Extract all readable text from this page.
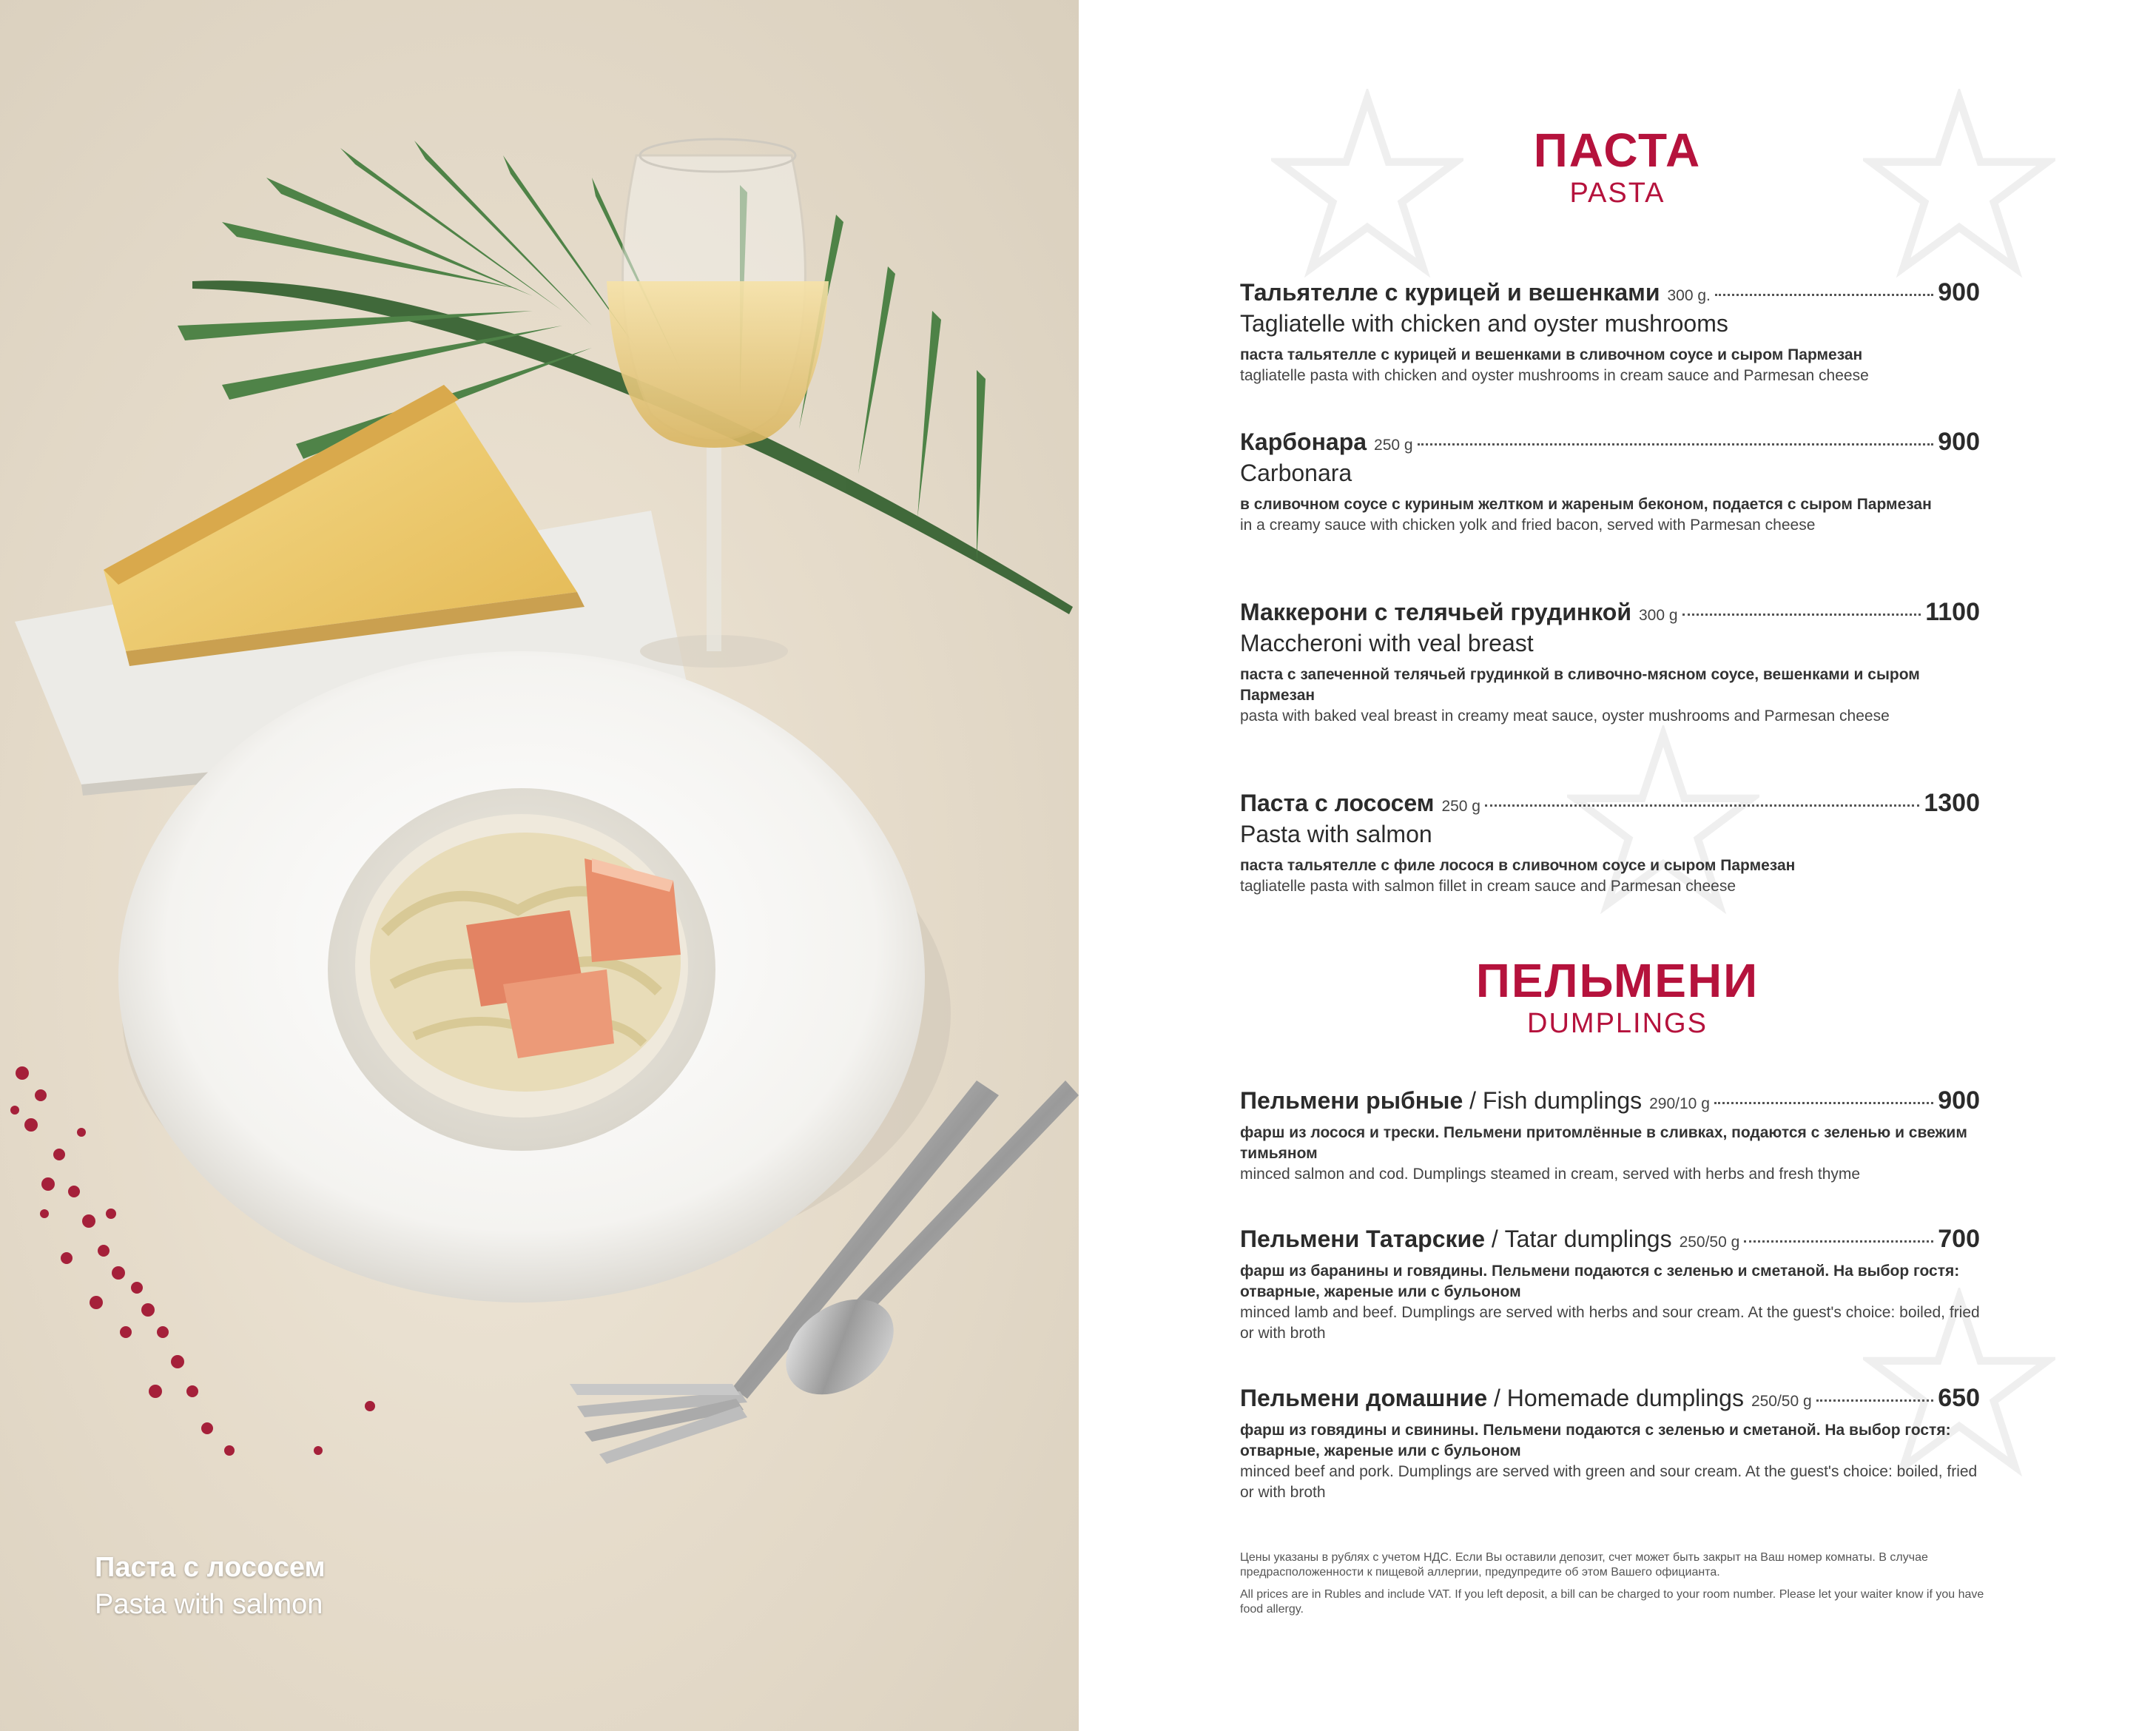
Паста с лососем
Pasta with salmon
ПАСТА
PASTA
Тальятелле с курицей и вешенками 300 g.	900
Tagliatelle with chicken and oyster mushrooms
паста тальятелле с курицей и вешенками в сливочном соусе и сыром Пармезан
tagliatelle pasta with chicken and oyster mushrooms in cream sauce and Parmesan cheese
Карбонара 250 g	900
Carbonara
в сливочном соусе с куриным желтком и жареным беконом, подается с сыром Пармезан
in a creamy sauce with chicken yolk and fried bacon, served with Parmesan cheese
Маккерони с телячьей грудинкой 300 g	1100
Maccheroni with veal breast
паста с запеченной телячьей грудинкой в сливочно-мясном соусе, вешенками и сыром Пармезан
pasta with baked veal breast in creamy meat sauce, oyster mushrooms and Parmesan cheese
Паста с лососем 250 g	1300
Pasta with salmon
паста тальятелле с филе лосося в сливочном соусе и сыром Пармезан
tagliatelle pasta with salmon fillet in cream sauce and Parmesan cheese
ПЕЛЬМЕНИ
DUMPLINGS
Пельмени рыбные / Fish dumplings 290/10 g	900
фарш из лосося и трески. Пельмени притомлённые в сливках, подаются с зеленью и свежим тимьяном
minced salmon and cod. Dumplings steamed in cream, served with herbs and fresh thyme
Пельмени Татарские / Tatar dumplings 250/50 g	700
фарш из баранины и говядины. Пельмени подаются с зеленью и сметаной. На выбор гостя: отварные, жареные или с бульоном
minced lamb and beef. Dumplings are served with herbs and sour cream. At the guest's choice: boiled, fried or with broth
Пельмени домашние / Homemade dumplings 250/50 g	650
фарш из говядины и свинины. Пельмени подаются с зеленью и сметаной. На выбор гостя: отварные, жареные или с бульоном
minced beef and pork. Dumplings are served with green and sour cream. At the guest's choice: boiled, fried or with broth

Цены указаны в рублях с учетом НДС. Если Вы оставили депозит, счет может быть закрыт на Ваш номер комнаты. В случае предрасположенности к пищевой аллергии, предупредите об этом Вашего официанта.

All prices are in Rubles and include VAT. If you left deposit, a bill can be charged to your room number. Please let your waiter know if you have food allergy.
